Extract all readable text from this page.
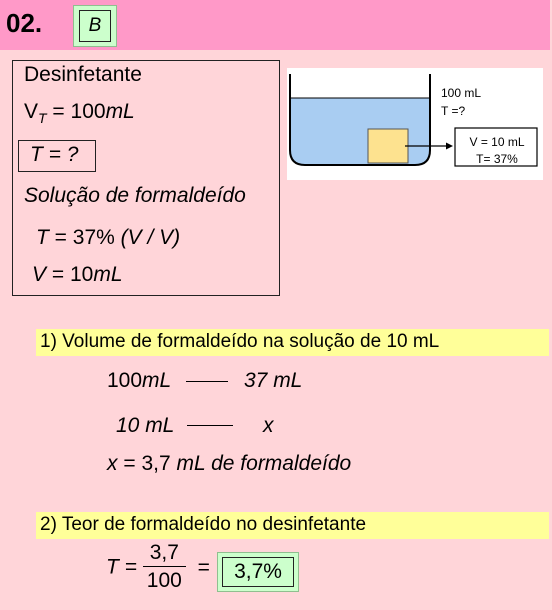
02.	B
Desinfetante
$V_T = 100mL$
T = ?
Solução de formaldeído
T = 37% (V / V)
V = 10mL
100 mL
T =?
V = 10 mL
T= 37%
1) Volume de formaldeído na solução de 10 mL
100mL	37 mL
10 mL	x
x = 3,7 mL de formaldeído
2) Teor de formaldeído no desinfetante
$T = \frac{3,7}{100}$ =	3,7%
